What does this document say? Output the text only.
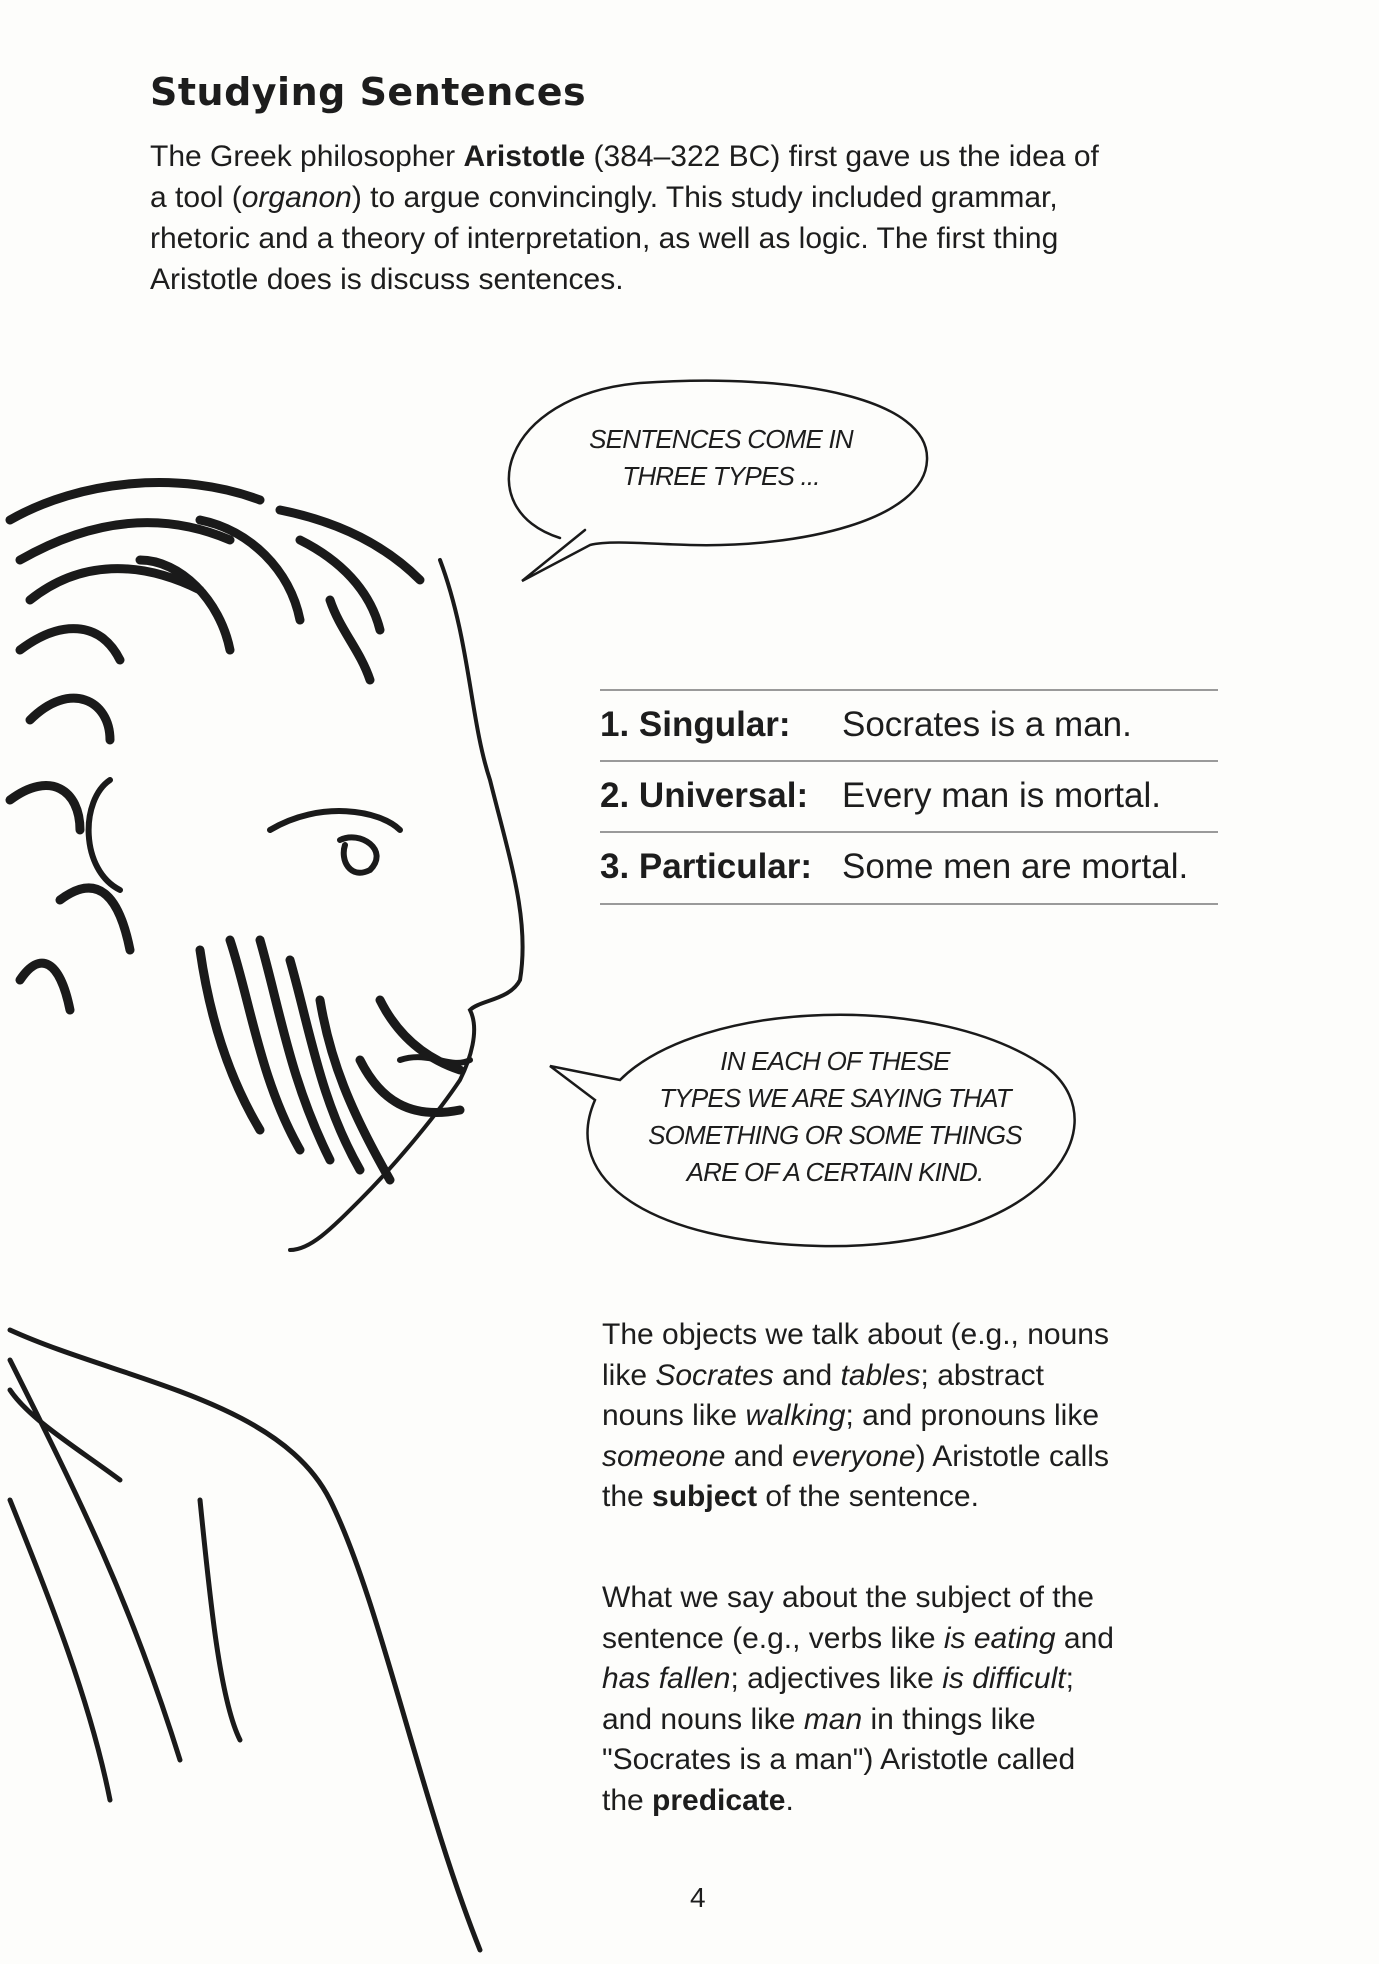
Studying Sentences
The Greek philosopher Aristotle (384–322 BC) first gave us the idea of a tool (organon) to argue convincingly. This study included grammar, rhetoric and a theory of interpretation, as well as logic. The first thing Aristotle does is discuss sentences.
SENTENCES COME IN
THREE TYPES ...
1. Singular: Socrates is a man.
2. Universal: Every man is mortal.
3. Particular: Some men are mortal.
IN EACH OF THESE
TYPES WE ARE SAYING THAT
SOMETHING OR SOME THINGS
ARE OF A CERTAIN KIND.
The objects we talk about (e.g., nouns like Socrates and tables; abstract nouns like walking; and pronouns like someone and everyone) Aristotle calls the subject of the sentence.
What we say about the subject of the sentence (e.g., verbs like is eating and has fallen; adjectives like is difficult; and nouns like man in things like "Socrates is a man") Aristotle called the predicate.
4
